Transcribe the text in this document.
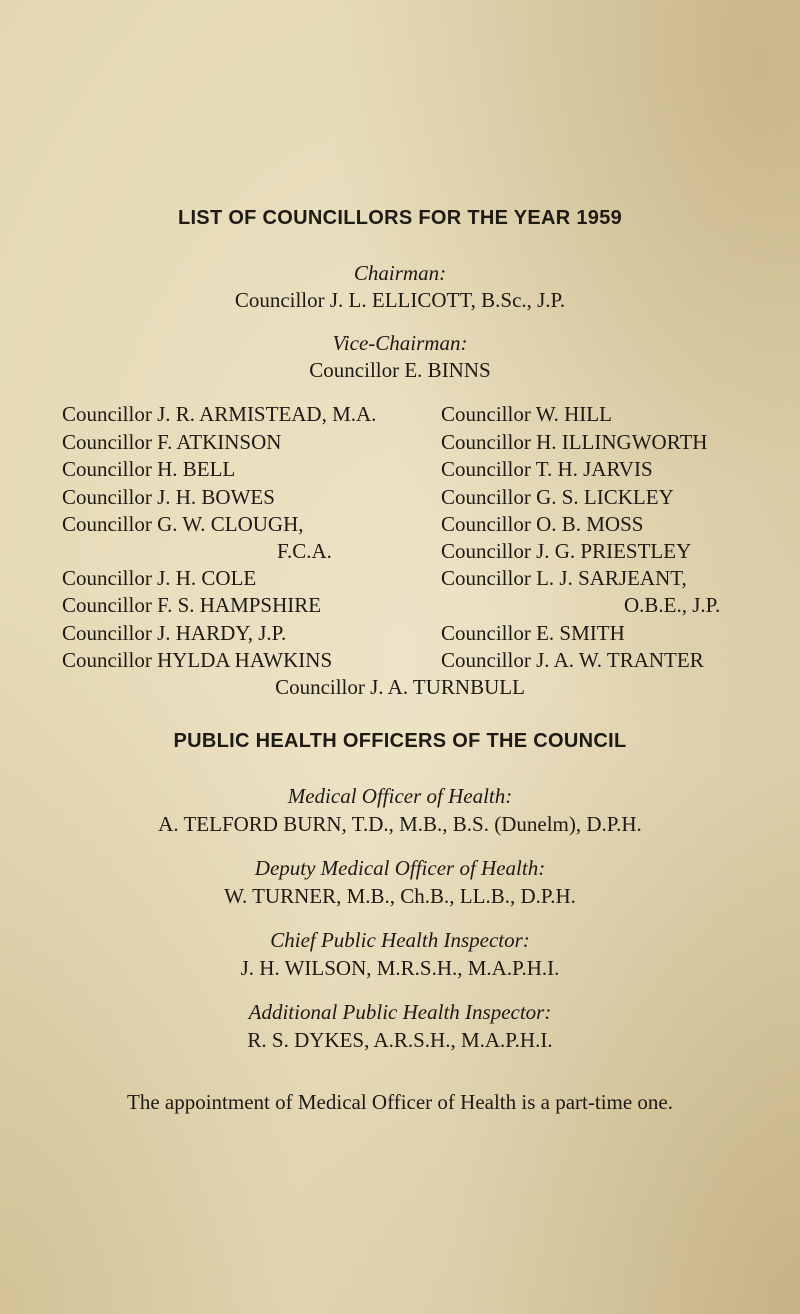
LIST OF COUNCILLORS FOR THE YEAR 1959
Chairman:
Councillor J. L. ELLICOTT, B.Sc., J.P.
Vice-Chairman:
Councillor E. BINNS
Councillor J. R. ARMISTEAD, M.A.
Councillor F. ATKINSON
Councillor H. BELL
Councillor J. H. BOWES
Councillor G. W. CLOUGH,
F.C.A.
Councillor J. H. COLE
Councillor F. S. HAMPSHIRE
Councillor J. HARDY, J.P.
Councillor HYLDA HAWKINS
Councillor W. HILL
Councillor H. ILLINGWORTH
Councillor T. H. JARVIS
Councillor G. S. LICKLEY
Councillor O. B. MOSS
Councillor J. G. PRIESTLEY
Councillor L. J. SARJEANT,
O.B.E., J.P.
Councillor E. SMITH
Councillor J. A. W. TRANTER
Councillor J. A. TURNBULL
PUBLIC HEALTH OFFICERS OF THE COUNCIL
Medical Officer of Health:
A. TELFORD BURN, T.D., M.B., B.S. (Dunelm), D.P.H.
Deputy Medical Officer of Health:
W. TURNER, M.B., Ch.B., LL.B., D.P.H.
Chief Public Health Inspector:
J. H. WILSON, M.R.S.H., M.A.P.H.I.
Additional Public Health Inspector:
R. S. DYKES, A.R.S.H., M.A.P.H.I.
The appointment of Medical Officer of Health is a part-time one.
